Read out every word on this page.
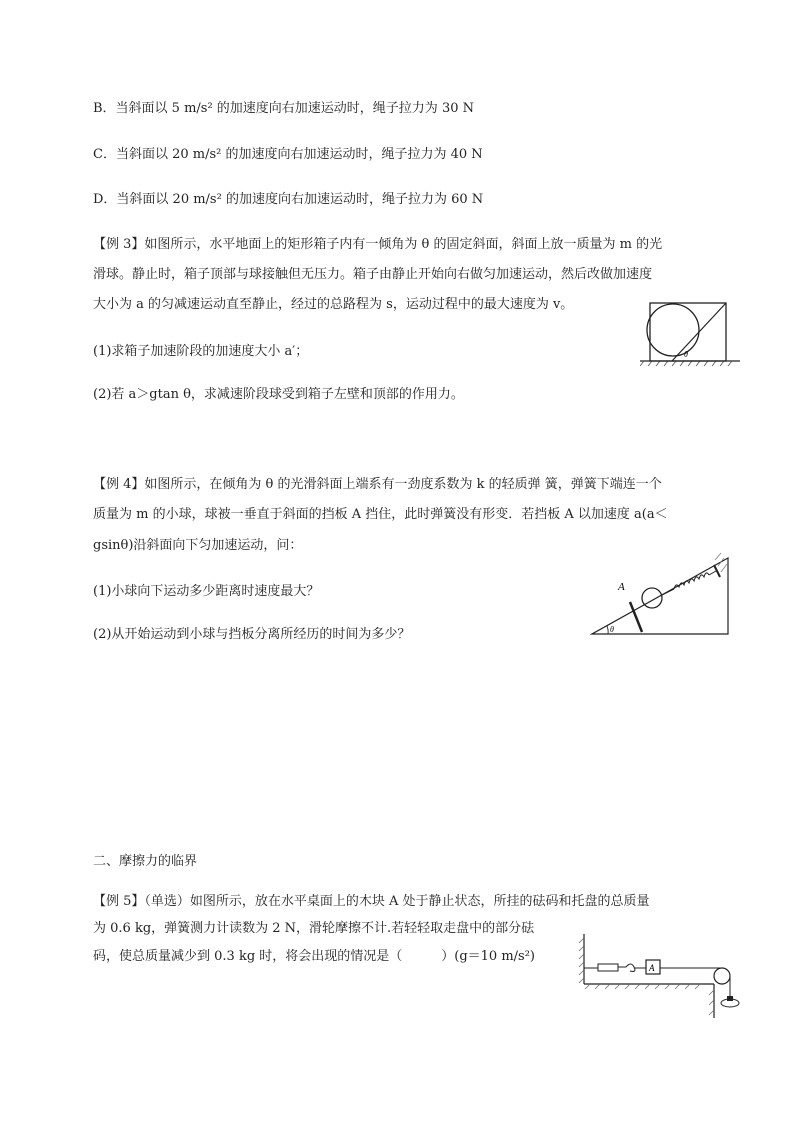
B．当斜面以 5 m/s² 的加速度向右加速运动时，绳子拉力为 30 N
C．当斜面以 20 m/s² 的加速度向右加速运动时，绳子拉力为 40 N
D．当斜面以 20 m/s² 的加速度向右加速运动时，绳子拉力为 60 N
【例 3】如图所示，水平地面上的矩形箱子内有一倾角为 θ 的固定斜面，斜面上放一质量为 m 的光
滑球。静止时，箱子顶部与球接触但无压力。箱子由静止开始向右做匀加速运动，然后改做加速度
大小为 a 的匀减速运动直至静止，经过的总路程为 s，运动过程中的最大速度为 v。
(1)求箱子加速阶段的加速度大小 a′；
(2)若 a＞gtan θ，求减速阶段球受到箱子左壁和顶部的作用力。
θ
【例 4】如图所示，在倾角为 θ 的光滑斜面上端系有一劲度系数为 k 的轻质弹 簧，弹簧下端连一个
质量为 m 的小球，球被一垂直于斜面的挡板 A 挡住，此时弹簧没有形变．若挡板 A 以加速度 a(a＜
gsinθ)沿斜面向下匀加速运动，问：
(1)小球向下运动多少距离时速度最大？
(2)从开始运动到小球与挡板分离所经历的时间为多少？	θ
A
二、摩擦力的临界
【例 5】（单选）如图所示，放在水平桌面上的木块 A 处于静止状态，所挂的砝码和托盘的总质量
为 0.6 kg，弹簧测力计读数为 2 N，滑轮摩擦不计.若轻轻取走盘中的部分砝
码，使总质量减少到 0.3 kg 时，将会出现的情况是（　　　）(g＝10 m/s²)
A
